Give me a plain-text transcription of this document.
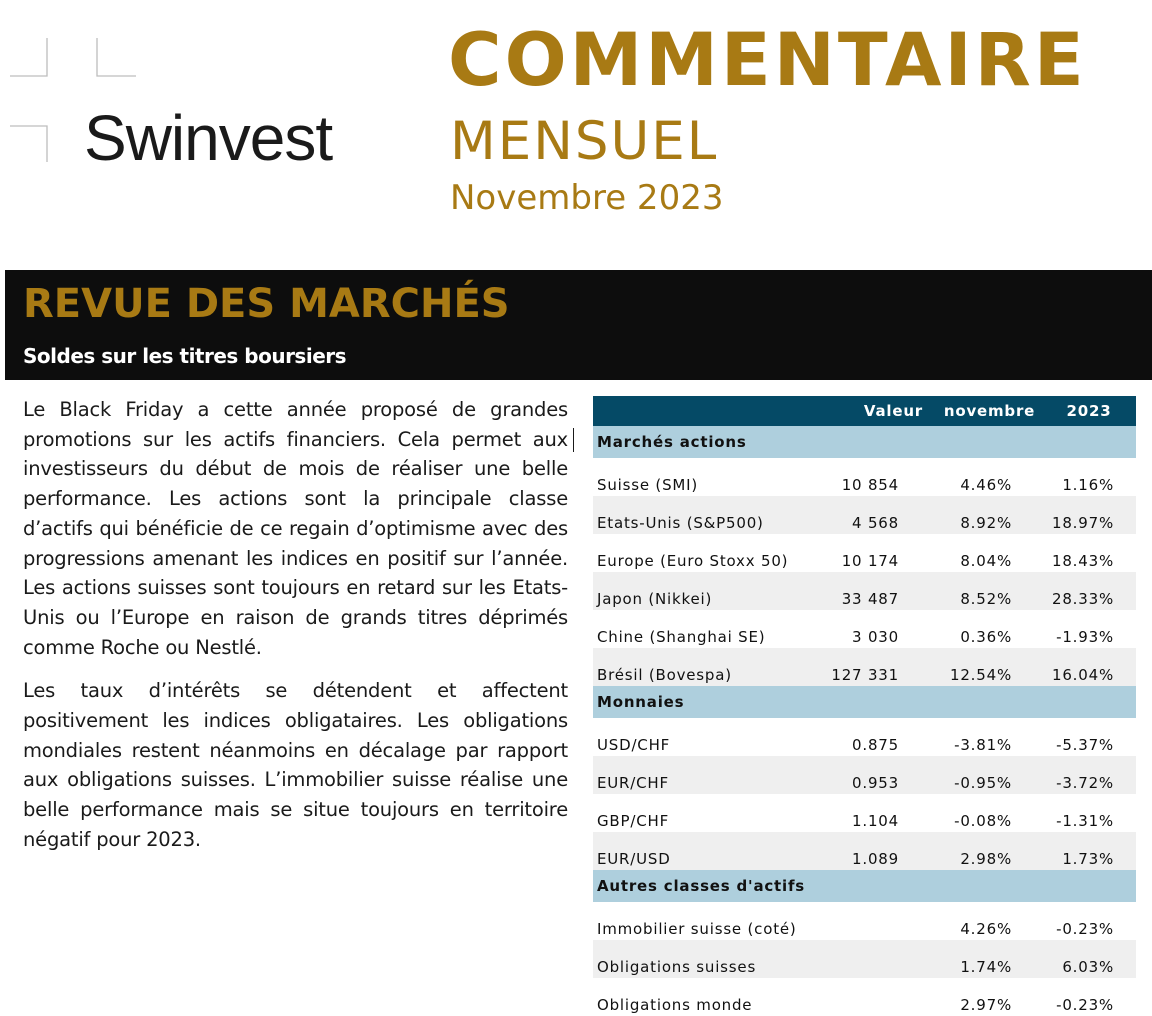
Swinvest
COMMENTAIRE
MENSUEL
Novembre 2023
REVUE DES MARCHÉS
Soldes sur les titres boursiers

Le Black Friday a cette année proposé de grandes promotions sur les actifs financiers. Cela permet aux investisseurs du début de mois de réaliser une belle performance. Les actions sont la principale classe d’actifs qui bénéficie de ce regain d’optimisme avec des progressions amenant les indices en positif sur l’année. Les actions suisses sont toujours en retard sur les Etats-Unis ou l’Europe en raison de grands titres déprimés comme Roche ou Nestlé.

Les taux d’intérêts se détendent et affectent positivement les indices obligataires. Les obligations mondiales restent néanmoins en décalage par rapport aux obligations suisses. L’immobilier suisse réalise une belle performance mais se situe toujours en territoire négatif pour 2023.

	Valeur	novembre	2023
Marchés actions			
Suisse (SMI)	10 854	4.46%	1.16%
Etats-Unis (S&P500)	4 568	8.92%	18.97%
Europe (Euro Stoxx 50)	10 174	8.04%	18.43%
Japon (Nikkei)	33 487	8.52%	28.33%
Chine (Shanghai SE)	3 030	0.36%	-1.93%
Brésil (Bovespa)	127 331	12.54%	16.04%
Monnaies			
USD/CHF	0.875	-3.81%	-5.37%
EUR/CHF	0.953	-0.95%	-3.72%
GBP/CHF	1.104	-0.08%	-1.31%
EUR/USD	1.089	2.98%	1.73%
Autres classes d'actifs			
Immobilier suisse (coté)		4.26%	-0.23%
Obligations suisses		1.74%	6.03%
Obligations monde		2.97%	-0.23%
